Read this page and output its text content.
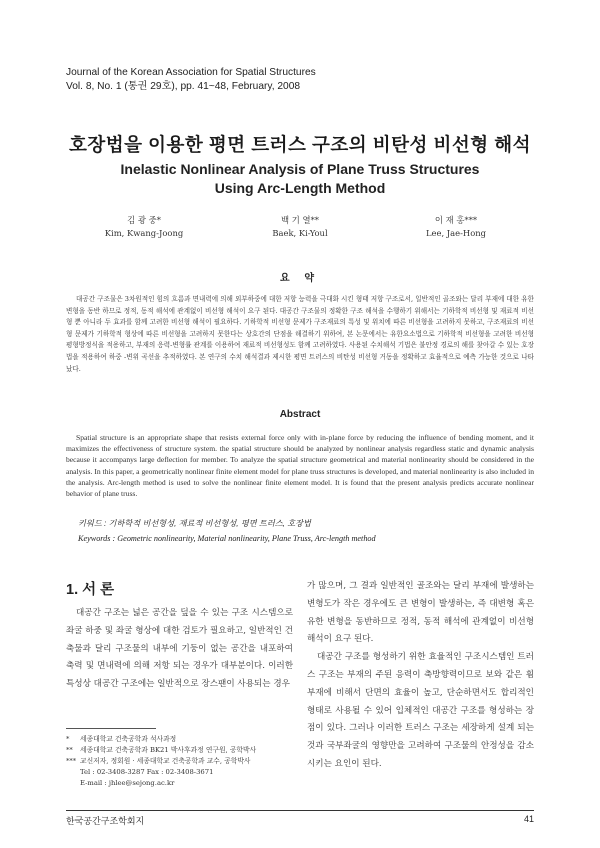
Journal of the Korean Association for Spatial Structures
Vol. 8, No. 1 (통권 29호), pp. 41~48, February, 2008
호장법을 이용한 평면 트러스 구조의 비탄성 비선형 해석
Inelastic Nonlinear Analysis of Plane Truss Structures
Using Arc-Length Method
김 광 중*
Kim, Kwang-Joong
백 기 열**
Baek, Ki-Youl
이 재 홍***
Lee, Jae-Hong
요 약
대공간 구조물은 3차원적인 힘의 흐름과 면내력에 의해 외부하중에 대한 저항 능력을 극대화 시킨 형태 저항 구조로서, 일반적인 골조와는 달리 부재에 대한 유한 변형을 동반 하므로 정적, 동적 해석에 관계없이 비선형 해석이 요구 된다. 대공간 구조물의 정확한 구조 해석을 수행하기 위해서는 기하학적 비선형 및 재료적 비선형 뿐 아니라 두 효과를 함께 고려한 비선형 해석이 필요하다. 기하학적 비선형 문제가 구조재료의 특성 및 위치에 따른 비선형을 고려하지 못하고, 구조재료의 비선형 문제가 기하학적 형상에 따른 비선형을 고려하지 못한다는 상호간의 단점을 해결하기 위하여, 본 논문에서는 유한요소법으로 기하학적 비선형을 고려한 비선형 평형방정식을 적용하고, 부재의 응력-변형률 관계를 이용하여 재료적 비선형성도 함께 고려하였다. 사용된 수치해석 기법은 불안정 경로의 해를 찾아갈 수 있는 호장법을 적용하여 하중 -변위 곡선을 추적하였다. 본 연구의 수치 해석결과 제시한 평면 트러스의 비탄성 비선형 거동을 정확하고 효율적으로 예측 가능한 것으로 나타났다.
Abstract
Spatial structure is an appropriate shape that resists external force only with in-plane force by reducing the influence of bending moment, and it maximizes the effectiveness of structure system. the spatial structure should be analyzed by nonlinear analysis regardless static and dynamic analysis because it accompanys large deflection for member. To analyze the spatial structure geometrical and material nonlinearity should be considered in the analysis. In this paper, a geometrically nonlinear finite element model for plane truss structures is developed, and material nonlinearity is also included in the analysis. Arc-length method is used to solve the nonlinear finite element model. It is found that the present analysis predicts accurate nonlinear behavior of plane truss.
키워드 : 기하학적 비선형성, 재료적 비선형성, 평면 트러스, 호장법
Keywords : Geometric nonlinearity, Material nonlinearity, Plane Truss, Arc-length method
1. 서 론

대공간 구조는 넓은 공간을 덮을 수 있는 구조 시스템으로 좌굴 하중 및 좌굴 형상에 대한 검토가 필요하고, 일반적인 건축물과 달리 구조물의 내부에 기둥이 없는 공간을 내포하여 축력 및 면내력에 의해 저항 되는 경우가 대부분이다. 이러한 특성상 대공간 구조에는 일반적으로 장스팬이 사용되는 경우

가 많으며, 그 결과 일반적인 골조와는 달리 부재에 발생하는 변형도가 작은 경우에도 큰 변형이 발생하는, 즉 대변형 혹은 유한 변형을 동반하므로 정적, 동적 해석에 관계없이 비선형 해석이 요구 된다.

대공간 구조를 형성하기 위한 효율적인 구조시스템인 트러스 구조는 부재의 주된 응력이 축방향력이므로 보와 같은 휨 부재에 비해서 단면의 효율이 높고, 단순하면서도 합리적인 형태로 사용될 수 있어 입체적인 대공간 구조를 형성하는 장점이 있다. 그러나 이러한 트러스 구조는 세장하게 설계 되는 것과 국부좌굴의 영향만을 고려하여 구조물의 안정성을 감소시키는 요인이 된다.

*	세종대학교 건축공학과 석사과정
**	세종대학교 건축공학과 BK21 박사후과정 연구원, 공학박사
*** 교신저자, 정회원 · 세종대학교 건축공학과 교수, 공학박사
Tel : 02-3408-3287 Fax : 02-3408-3671
E-mail : jhlee@sejong.ac.kr
한국공간구조학회지	41
